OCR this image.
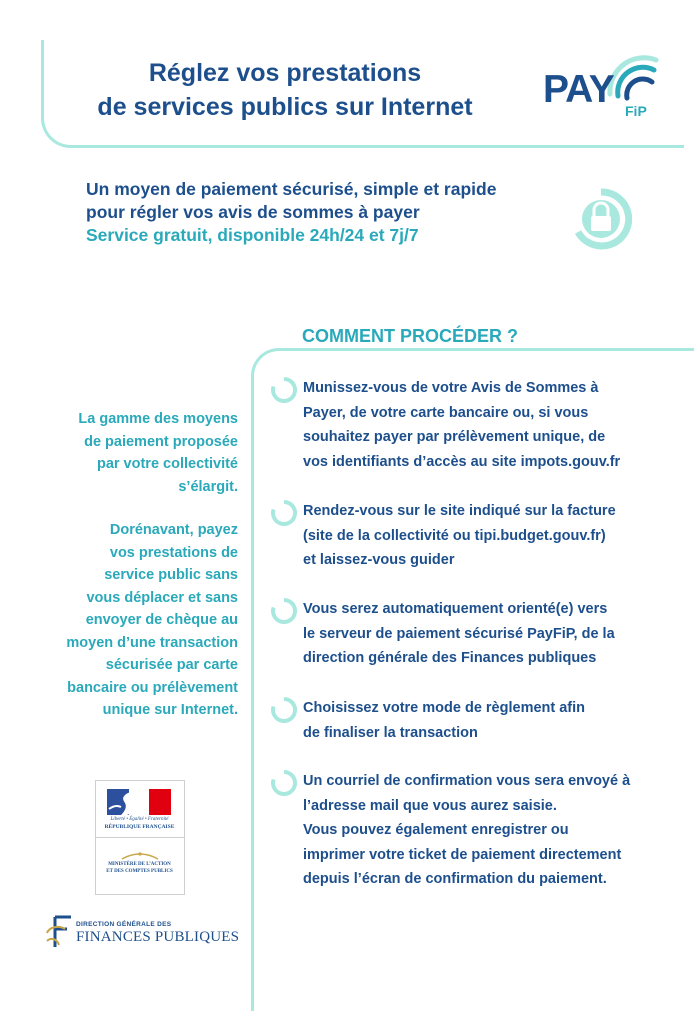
Réglez vos prestations
de services publics sur Internet	PAY FiP
Un moyen de paiement sécurisé, simple et rapide
pour régler vos avis de sommes à payer
Service gratuit, disponible 24h/24 et 7j/7
COMMENT PROCÉDER ?
Munissez-vous de votre Avis de Sommes à
Payer, de votre carte bancaire ou, si vous
souhaitez payer par prélèvement unique, de
vos identifiants d’accès au site impots.gouv.fr
Rendez-vous sur le site indiqué sur la facture
(site de la collectivité ou tipi.budget.gouv.fr)
et laissez-vous guider
Vous serez automatiquement orienté(e) vers
le serveur de paiement sécurisé PayFiP, de la
direction générale des Finances publiques
Choisissez votre mode de règlement afin
de finaliser la transaction
Un courriel de confirmation vous sera envoyé à
l’adresse mail que vous aurez saisie.
Vous pouvez également enregistrer ou
imprimer votre ticket de paiement directement
depuis l’écran de confirmation du paiement.
La gamme des moyens
de paiement proposée
par votre collectivité
s’élargit.
Dorénavant, payez
vos prestations de
service public sans
vous déplacer et sans
envoyer de chèque au
moyen d’une transaction
sécurisée par carte
bancaire ou prélèvement
unique sur Internet.
Liberté • Égalité • Fraternité
RÉPUBLIQUE FRANÇAISE
MINISTÈRE DE L’ACTION
ET DES COMPTES PUBLICS
DIRECTION GÉNÉRALE DES
FINANCES PUBLIQUES
